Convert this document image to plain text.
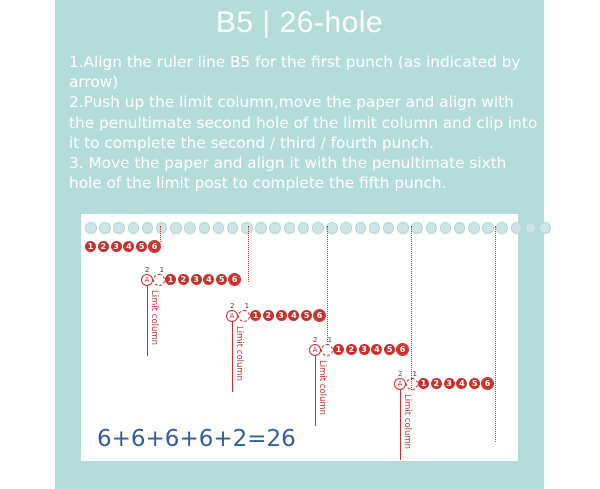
B5 | 26-hole
1.Align the ruler line B5 for the first punch (as indicated by arrow)
2.Push up the limit column,move the paper and align with the penultimate second hole of the limit column and clip into it to complete the second / third / fourth punch.
3. Move the paper and align it with the penultimate sixth hole of the limit post to complete the fifth punch.
6+6+6+6+2=26
1 2 3 4 5 6
2 1
A	1 2 3 4 5 6
Limit column	2 1
A	1 2 3 4 5 6
Limit column	2 1
A	1 2 3 4 5 6
Limit column	2 1
A	1 2 3 4 5 6
Limit column
